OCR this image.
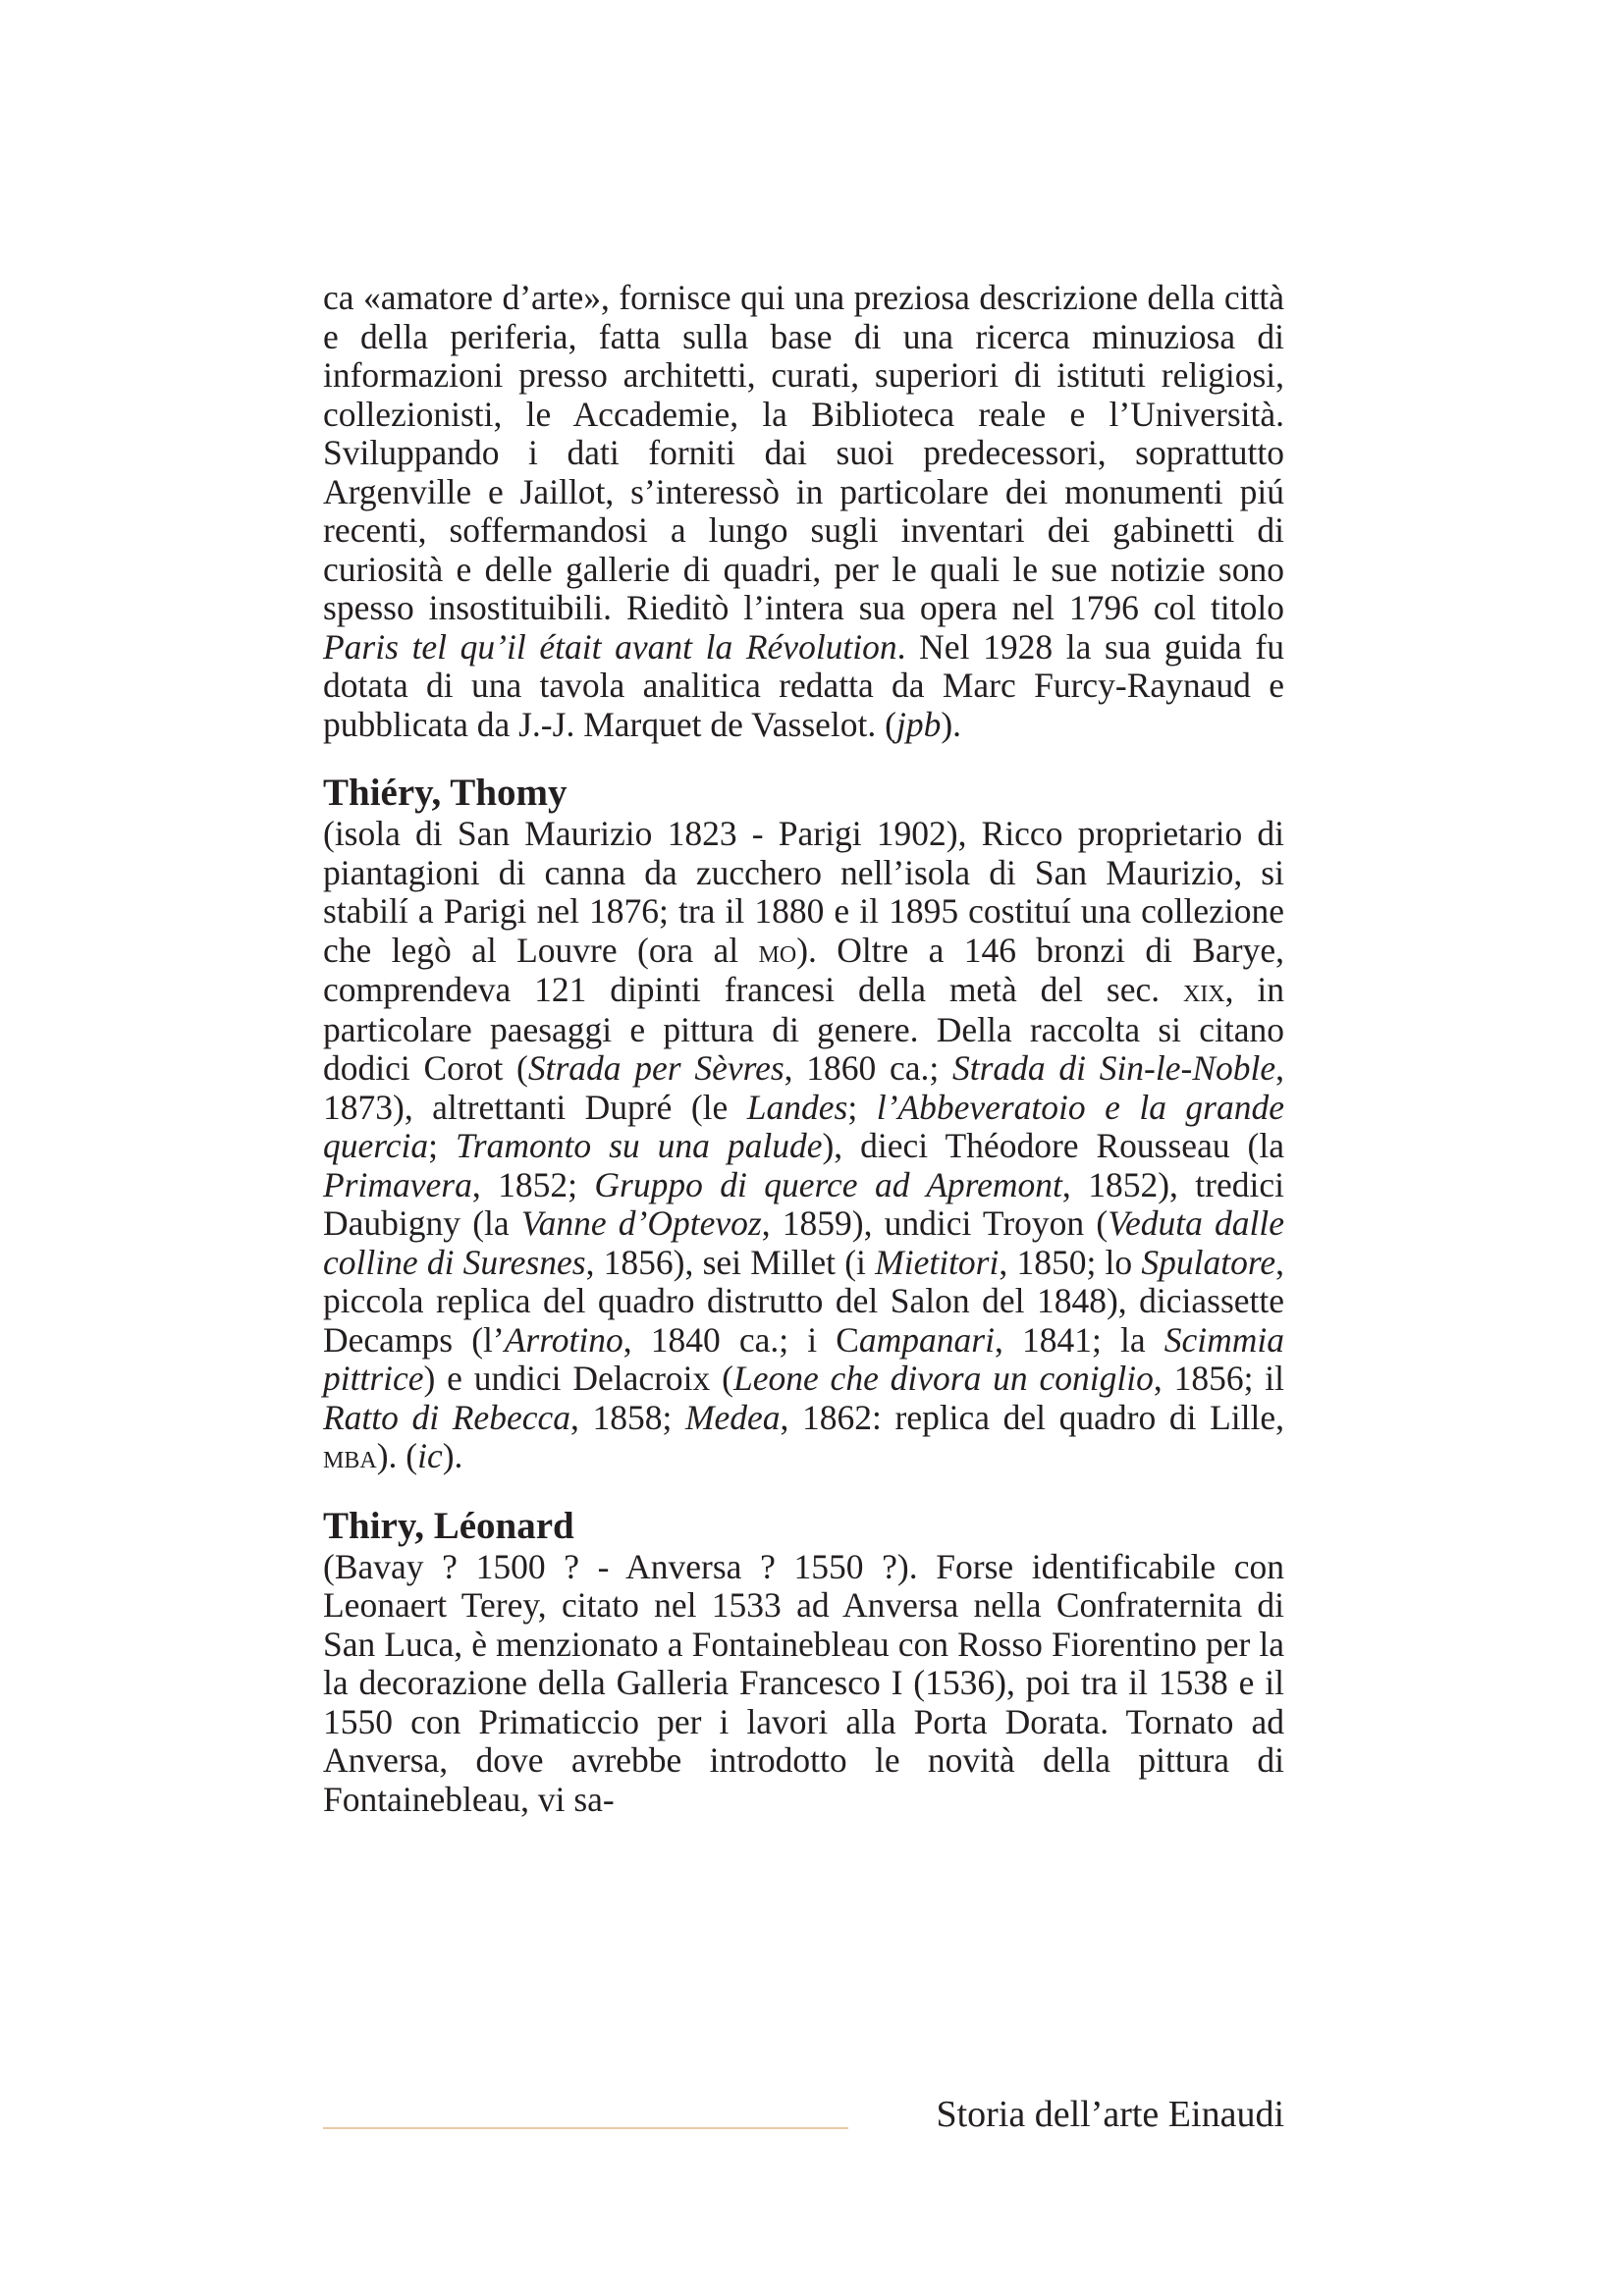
ca «amatore d’arte», fornisce qui una preziosa descrizione della città e della periferia, fatta sulla base di una ricerca minuziosa di informazioni presso architetti, curati, superiori di istituti religiosi, collezionisti, le Accademie, la Biblioteca reale e l’Università. Sviluppando i dati forniti dai suoi predecessori, soprattutto Argenville e Jaillot, s’interessò in particolare dei monumenti piú recenti, soffermandosi a lungo sugli inventari dei gabinetti di curiosità e delle gallerie di quadri, per le quali le sue notizie sono spesso insostituibili. Rieditò l’intera sua opera nel 1796 col titolo Paris tel qu’il était avant la Révolution. Nel 1928 la sua guida fu dotata di una tavola analitica redatta da Marc Furcy-Raynaud e pubblicata da J.-J. Marquet de Vasselot. (jpb).

Thiéry, Thomy

(isola di San Maurizio 1823 - Parigi 1902), Ricco proprietario di piantagioni di canna da zucchero nell’isola di San Maurizio, si stabilí a Parigi nel 1876; tra il 1880 e il 1895 costituí una collezione che legò al Louvre (ora al mo). Oltre a 146 bronzi di Barye, comprendeva 121 dipinti francesi della metà del sec. xix, in particolare paesaggi e pittura di genere. Della raccolta si citano dodici Corot (Strada per Sèvres, 1860 ca.; Strada di Sin-le-Noble, 1873), altrettanti Dupré (le Landes; l’Abbeveratoio e la grande quercia; Tramonto su una palude), dieci Théodore Rousseau (la Primavera, 1852; Gruppo di querce ad Apremont, 1852), tredici Daubigny (la Vanne d’Optevoz, 1859), undici Troyon (Veduta dalle colline di Suresnes, 1856), sei Millet (i Mietitori, 1850; lo Spulatore, piccola replica del quadro distrutto del Salon del 1848), diciassette Decamps (l’Arrotino, 1840 ca.; i Campanari, 1841; la Scimmia pittrice) e undici Delacroix (Leone che divora un coniglio, 1856; il Ratto di Rebecca, 1858; Medea, 1862: replica del quadro di Lille, mba). (ic).

Thiry, Léonard

(Bavay ? 1500 ? - Anversa ? 1550 ?). Forse identificabile con Leonaert Terey, citato nel 1533 ad Anversa nella Confraternita di San Luca, è menzionato a Fontainebleau con Rosso Fiorentino per la la decorazione della Galleria Francesco I (1536), poi tra il 1538 e il 1550 con Primaticcio per i lavori alla Porta Dorata. Tornato ad Anversa, dove avrebbe introdotto le novità della pittura di Fontainebleau, vi sa-

Storia dell’arte Einaudi
